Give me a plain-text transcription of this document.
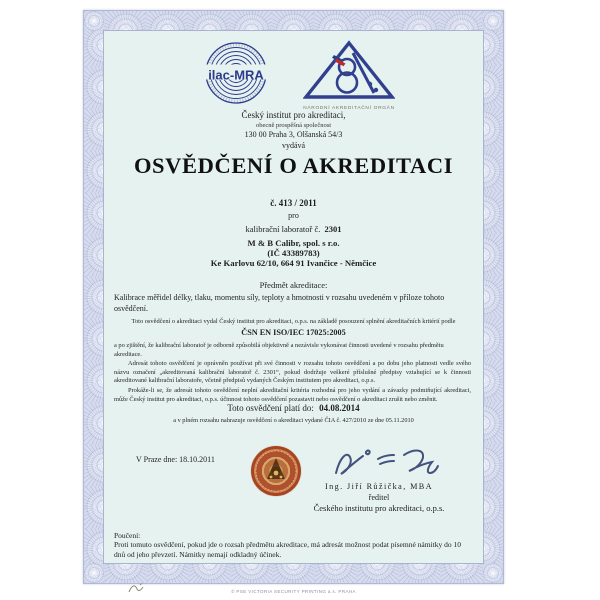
ilac-MRA
NÁRODNÍ AKREDITAČNÍ ORGÁN
Český institut pro akreditaci,
obecně prospěšná společnost
130 00 Praha 3, Olšanská 54/3
vydává
OSVĚDČENÍ O AKREDITACI
č. 413 / 2011
pro
kalibrační laboratoř č. 2301
M & B Calibr, spol. s r.o.
(IČ 43389783)
Ke Karlovu 62/10, 664 91 Ivančice - Němčice
Předmět akreditace:
Kalibrace měřidel délky, tlaku, momentu síly, teploty a hmotnosti v rozsahu uvedeném v příloze tohoto osvědčení.
Toto osvědčení o akreditaci vydal Český institut pro akreditaci, o.p.s. na základě posouzení splnění akreditačních kritérií podle
ČSN EN ISO/IEC 17025:2005
a po zjištění, že kalibrační laboratoř je odborně způsobilá objektivně a nezávisle vykonávat činnosti uvedené v rozsahu předmětu akreditace.
Adresát tohoto osvědčení je oprávněn používat při své činnosti v rozsahu tohoto osvědčení a po dobu jeho platnosti vedle svého názvu označení „akreditovaná kalibrační laboratoř č. 2301“, pokud dodržuje veškeré příslušné předpisy vztahující se k činnosti akreditované kalibrační laboratoře, včetně předpisů vydaných Českým institutem pro akreditaci, o.p.s.
Prokáže-li se, že adresát tohoto osvědčení neplní akreditační kritéria rozhodná pro jeho vydání a závazky podmiňující akreditaci, může Český institut pro akreditaci, o.p.s. účinnost tohoto osvědčení pozastavit nebo osvědčení o akreditaci zrušit nebo změnit.
Toto osvědčení platí do: 04.08.2014
a v plném rozsahu nahrazuje osvědčení o akreditaci vydané ČIA č. 427/2010 ze dne 05.11.2010
V Praze dne: 18.10.2011
Ing. Jiří Růžička, MBA
ředitel
Českého institutu pro akreditaci, o.p.s.
Poučení:
Proti tomuto osvědčení, pokud jde o rozsah předmětu akreditace, má adresát možnost podat písemné námitky do 10 dnů od jeho převzetí. Námitky nemají odkladný účinek.
© PSE VICTORIA SECURITY PRINTING a.s. PRAHA
